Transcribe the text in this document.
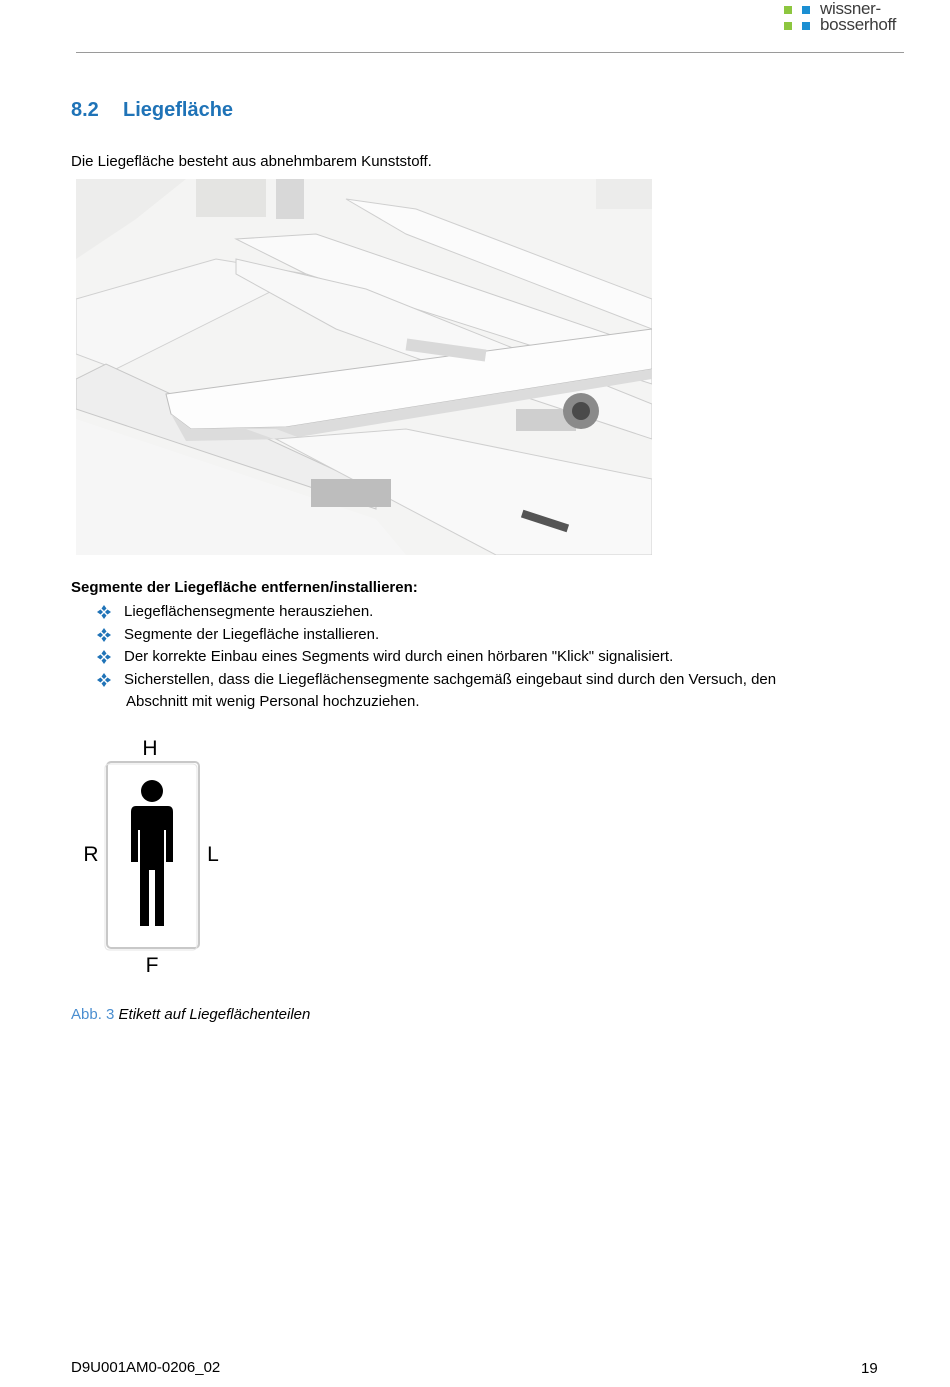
wissner-
bosserhoff
8.2 Liegefläche
Die Liegefläche besteht aus abnehmbarem Kunststoff.
Segmente der Liegefläche entfernen/installieren:
Liegeflächensegmente herausziehen.
Segmente der Liegefläche installieren.
Der korrekte Einbau eines Segments wird durch einen hörbaren "Klick" signalisiert.
Sicherstellen, dass die Liegeflächensegmente sachgemäß eingebaut sind durch den Versuch, den
Abschnitt mit wenig Personal hochzuziehen.
H
F
R	L
Abb. 3 Etikett auf Liegeflächenteilen
D9U001AM0-0206_02	19
